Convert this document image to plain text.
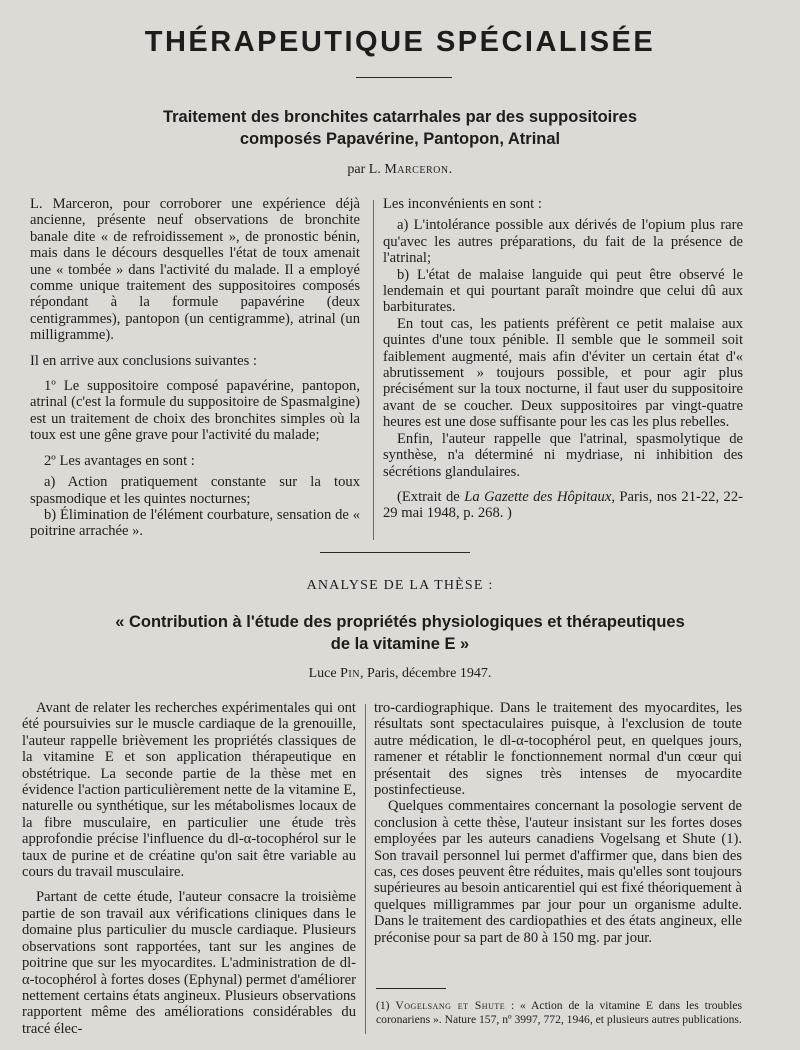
THÉRAPEUTIQUE SPÉCIALISÉE
Traitement des bronchites catarrhales par des suppositoires
composés Papavérine, Pantopon, Atrinal
par L. Marceron.

L. Marceron, pour corroborer une expérience déjà ancienne, présente neuf observations de bronchite banale dite « de refroidissement », de pronostic bénin, mais dans le décours desquelles l'état de toux amenait une « tombée » dans l'activité du malade. Il a employé comme unique traitement des suppositoires composés répondant à la formule papavérine (deux centigrammes), pantopon (un centigramme), atrinal (un milligramme).

Il en arrive aux conclusions suivantes :

1º Le suppositoire composé papavérine, pantopon, atrinal (c'est la formule du suppositoire de Spasmalgine) est un traitement de choix des bronchites simples où la toux est une gêne grave pour l'activité du malade;

2º Les avantages en sont :

a) Action pratiquement constante sur la toux spasmodique et les quintes nocturnes;

b) Élimination de l'élément courbature, sensation de « poitrine arrachée ».

Les inconvénients en sont :

a) L'intolérance possible aux dérivés de l'opium plus rare qu'avec les autres préparations, du fait de la présence de l'atrinal;

b) L'état de malaise languide qui peut être observé le lendemain et qui pourtant paraît moindre que celui dû aux barbiturates.

En tout cas, les patients préfèrent ce petit malaise aux quintes d'une toux pénible. Il semble que le sommeil soit faiblement augmenté, mais afin d'éviter un certain état d'« abrutissement » toujours possible, et pour agir plus précisément sur la toux nocturne, il faut user du suppositoire avant de se coucher. Deux suppositoires par vingt-quatre heures est une dose suffisante pour les cas les plus rebelles.

Enfin, l'auteur rappelle que l'atrinal, spasmolytique de synthèse, n'a déterminé ni mydriase, ni inhibition des sécrétions glandulaires.

(Extrait de La Gazette des Hôpitaux, Paris, nos 21-22, 22-29 mai 1948, p. 268. )

ANALYSE DE LA THÈSE :
« Contribution à l'étude des propriétés physiologiques et thérapeutiques
de la vitamine E »
Luce Pin, Paris, décembre 1947.

Avant de relater les recherches expérimentales qui ont été poursuivies sur le muscle cardiaque de la grenouille, l'auteur rappelle brièvement les propriétés classiques de la vitamine E et son application thérapeutique en obstétrique. La seconde partie de la thèse met en évidence l'action particulièrement nette de la vitamine E, naturelle ou synthétique, sur les métabolismes locaux de la fibre musculaire, en particulier une étude très approfondie précise l'influence du dl-α-tocophérol sur le taux de purine et de créatine qu'on sait être variable au cours du travail musculaire.

Partant de cette étude, l'auteur consacre la troisième partie de son travail aux vérifications cliniques dans le domaine plus particulier du muscle cardiaque. Plusieurs observations sont rapportées, tant sur les angines de poitrine que sur les myocardites. L'administration de dl-α-tocophérol à fortes doses (Ephynal) permet d'améliorer nettement certains états angineux. Plusieurs observations rapportent même des améliorations considérables du tracé élec-

tro-cardiographique. Dans le traitement des myocardites, les résultats sont spectaculaires puisque, à l'exclusion de toute autre médication, le dl-α-tocophérol peut, en quelques jours, ramener et rétablir le fonctionnement normal d'un cœur qui présentait des signes très intenses de myocardite postinfectieuse.

Quelques commentaires concernant la posologie servent de conclusion à cette thèse, l'auteur insistant sur les fortes doses employées par les auteurs canadiens Vogelsang et Shute (1). Son travail personnel lui permet d'affirmer que, dans bien des cas, ces doses peuvent être réduites, mais qu'elles sont toujours supérieures au besoin anticarentiel qui est fixé théoriquement à quelques milligrammes par jour pour un organisme adulte. Dans le traitement des cardiopathies et des états angineux, elle préconise pour sa part de 80 à 150 mg. par jour.

(1) Vogelsang et Shute : « Action de la vitamine E dans les troubles coronariens ». Nature 157, nº 3997, 772, 1946, et plusieurs autres publications.
